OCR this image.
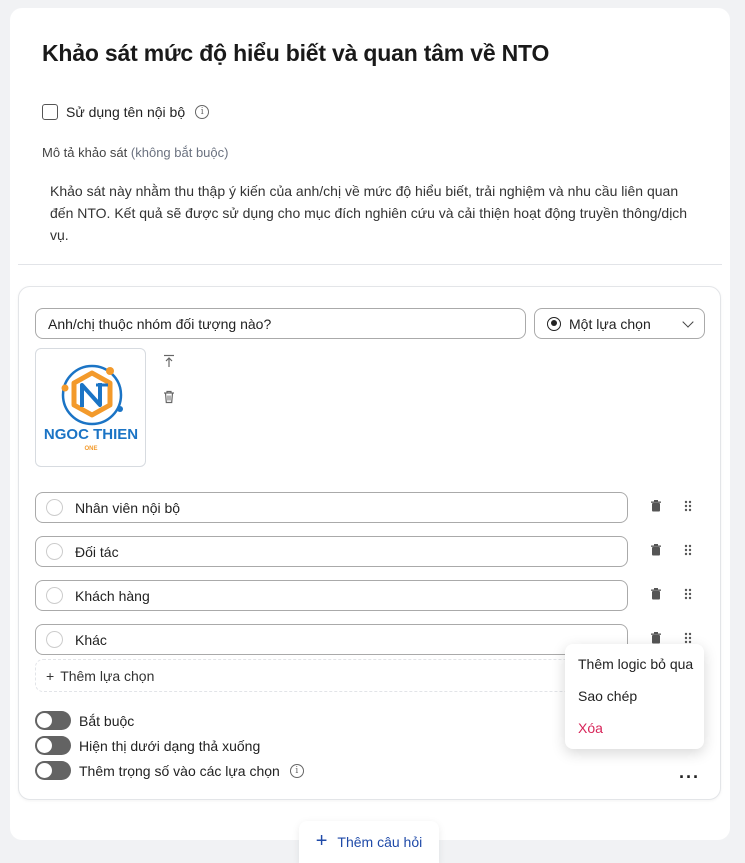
Khảo sát mức độ hiểu biết và quan tâm về NTO
Sử dụng tên nội bộ	i
Mô tả khảo sát (không bắt buộc)
Khảo sát này nhằm thu thập ý kiến của anh/chị về mức độ hiểu biết, trải nghiệm và nhu cầu liên quan đến NTO. Kết quả sẽ được sử dụng cho mục đích nghiên cứu và cải thiện hoạt động truyền thông/dịch vụ.
Anh/chị thuộc nhóm đối tượng nào?	Một lựa chọn
NGOC THIEN
ONE
Nhân viên nội bộ
Đối tác
Khách hàng
Khác
+ Thêm lựa chọn
Bắt buộc
Hiện thị dưới dạng thả xuống
Thêm trọng số vào các lựa chọn	i	···
Thêm logic bỏ qua
Sao chép
Xóa
+ Thêm câu hỏi
